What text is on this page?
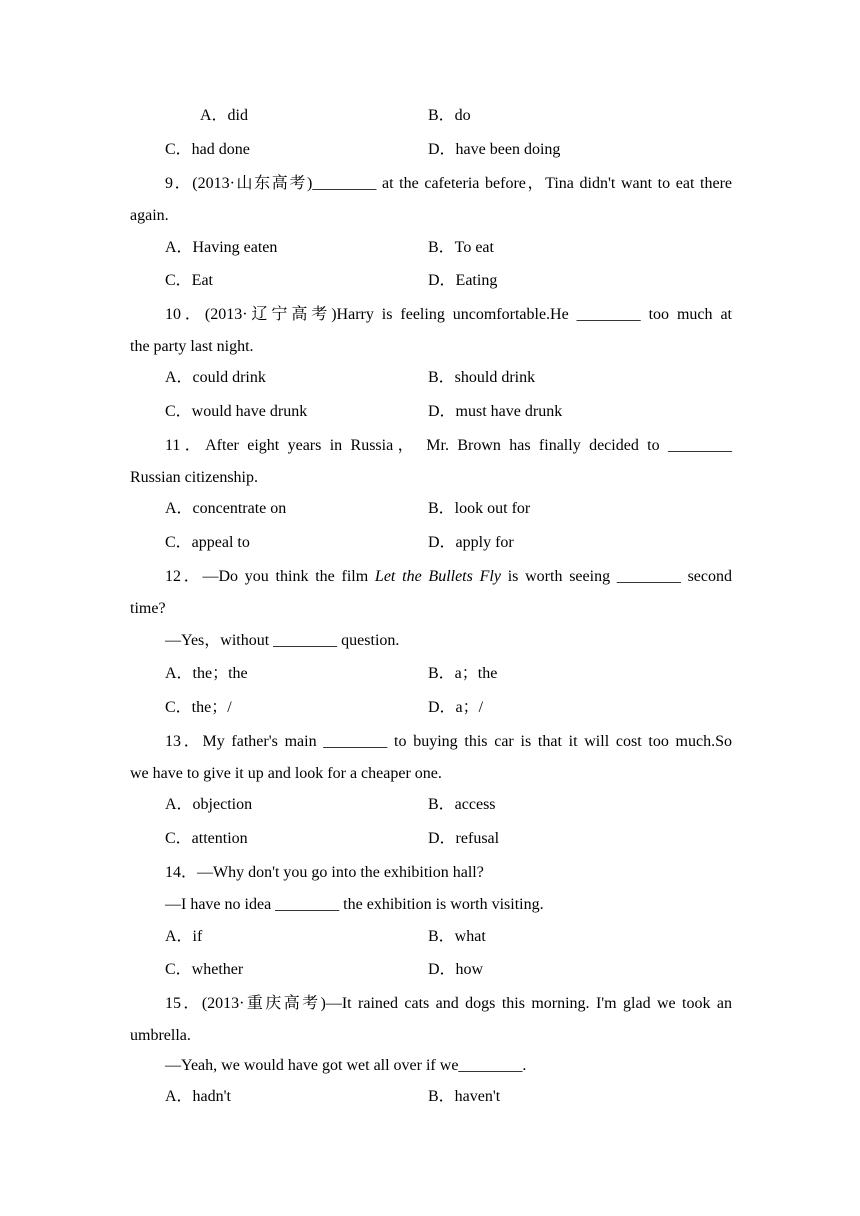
A．did	B．do
C．had done	D．have been doing
9．(2013·山东高考)________ at the cafeteria before，Tina didn't want to eat there
again.
A．Having eaten	B．To eat
C．Eat	D．Eating
10．(2013·辽宁高考)Harry is feeling uncomfortable.He ________ too much at
the party last night.
A．could drink	B．should drink
C．would have drunk	D．must have drunk
11．After eight years in Russia， Mr. Brown has finally decided to ________
Russian citizenship.
A．concentrate on	B．look out for
C．appeal to	D．apply for
12．—Do you think the film Let the Bullets Fly is worth seeing ________ second
time?
—Yes，without ________ question.
A．the；the	B．a；the
C．the；/	D．a；/
13．My father's main ________ to buying this car is that it will cost too much.So
we have to give it up and look for a cheaper one.
A．objection	B．access
C．attention	D．refusal
14．—Why don't you go into the exhibition hall?
—I have no idea ________ the exhibition is worth visiting.
A．if	B．what
C．whether	D．how
15．(2013·重庆高考)—It rained cats and dogs this morning. I'm glad we took an
umbrella.
—Yeah, we would have got wet all over if we________.
A．hadn't	B．haven't
